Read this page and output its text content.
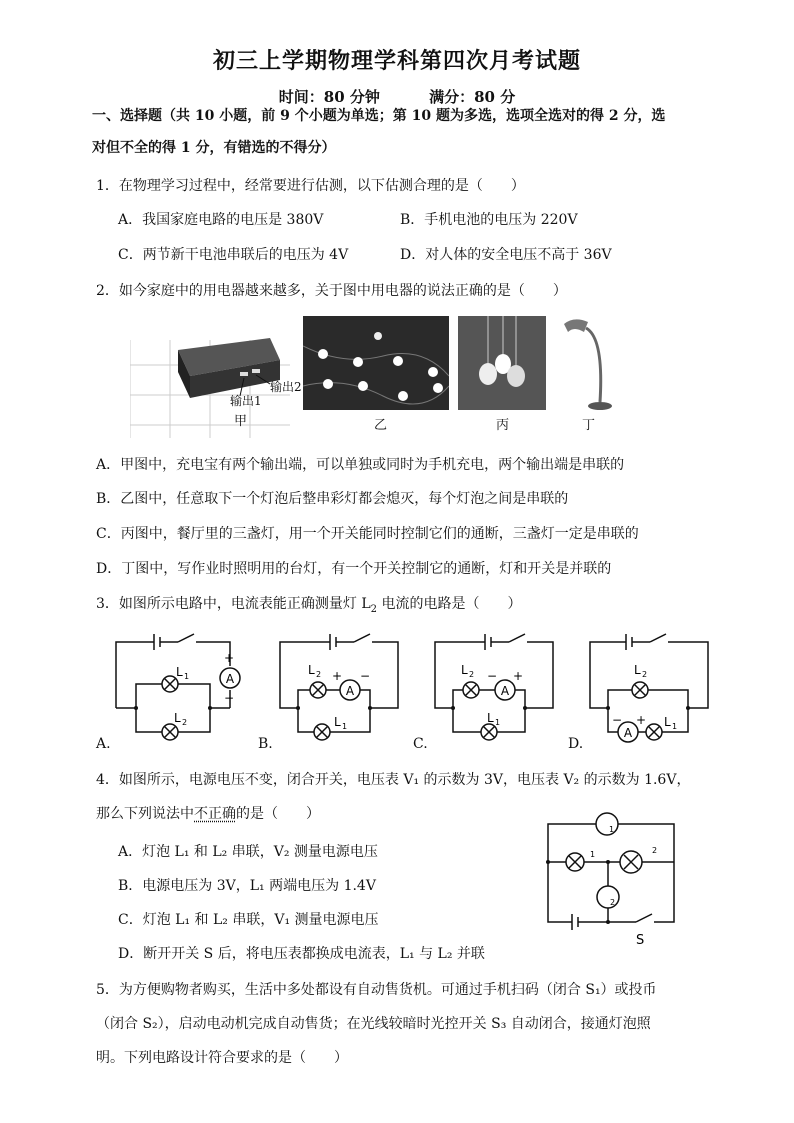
初三上学期物理学科第四次月考试题
时间：80 分钟	满分：80 分
一、选择题（共 10 小题，前 9 个小题为单选；第 10 题为多选，选项全选对的得 2 分，选
对但不全的得 1 分，有错选的不得分）
1．在物理学习过程中，经常要进行估测，以下估测合理的是（　　）
A．我国家庭电路的电压是 380V	B．手机电池的电压为 220V
C．两节新干电池串联后的电压为 4V	D．对人体的安全电压不高于 36V
2．如今家庭中的用电器越来越多，关于图中用电器的说法正确的是（　　）
输出1
输出2
甲	乙	丙	丁
A．甲图中，充电宝有两个输出端，可以单独或同时为手机充电，两个输出端是串联的
B．乙图中，任意取下一个灯泡后整串彩灯都会熄灭，每个灯泡之间是串联的
C．丙图中，餐厅里的三盏灯，用一个开关能同时控制它们的通断，三盏灯一定是串联的
D．丁图中，写作业时照明用的台灯，有一个开关控制它的通断，灯和开关是并联的
3．如图所示电路中，电流表能正确测量灯 $L_2$ 电流的电路是（　　）
A
+
−
L 1
L 2
A.
A
+ −
L 2
L 1
B.
A
− +
L 2
L 1
C.
A
− +
L 2
L 1
D.
4．如图所示，电源电压不变，闭合开关，电压表 V₁ 的示数为 3V，电压表 V₂ 的示数为 1.6V，
那么下列说法中不正确的是（　　）
A．灯泡 L₁ 和 L₂ 串联，V₂ 测量电源电压
B．电源电压为 3V，L₁ 两端电压为 1.4V
C．灯泡 L₁ 和 L₂ 串联，V₁ 测量电源电压
D．断开开关 S 后，将电压表都换成电流表，L₁ 与 L₂ 并联
1
2
1	2
S
5．为方便购物者购买，生活中多处都设有自动售货机。可通过手机扫码（闭合 S₁）或投币
（闭合 S₂），启动电动机完成自动售货；在光线较暗时光控开关 S₃ 自动闭合，接通灯泡照
明。下列电路设计符合要求的是（　　）
